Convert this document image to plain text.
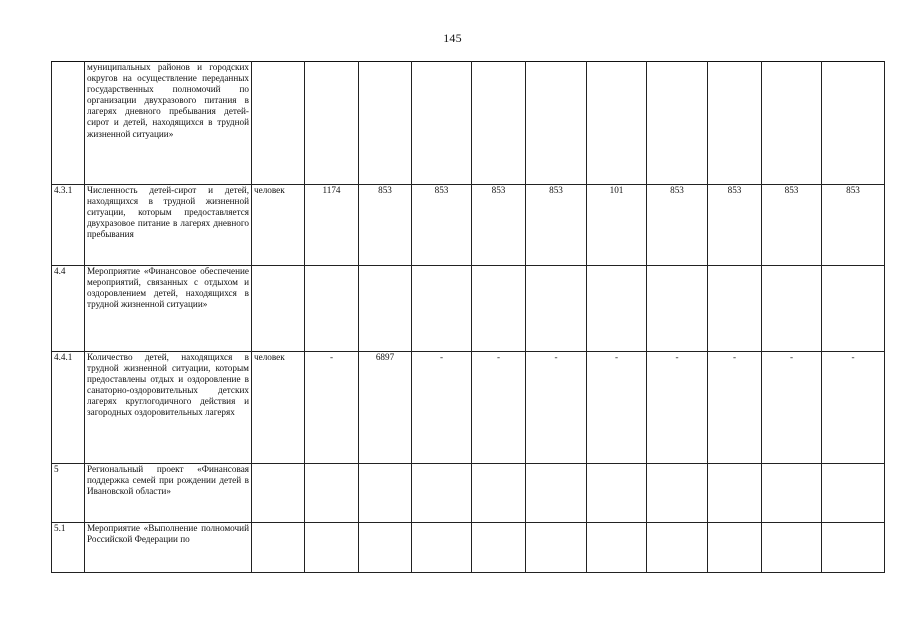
145
	муниципальных районов и городских округов на осуществление переданных государственных полномочий по организации двухразового питания в лагерях дневного пребывания детей-сирот и детей, находящихся в трудной жизненной ситуации»											
4.3.1	Численность детей-сирот и детей, находящихся в трудной жизненной ситуации, которым предоставляется двухразовое питание в лагерях дневного пребывания	человек	1174	853	853	853	853	101	853	853	853	853
4.4	Мероприятие «Финансовое обеспечение мероприятий, связанных с отдыхом и оздоровлением детей, находящихся в трудной жизненной ситуации»											
4.4.1	Количество детей, находящихся в трудной жизненной ситуации, которым предоставлены отдых и оздоровление в санаторно-оздоровительных детских лагерях круглогодичного действия и загородных оздоровительных лагерях	человек	-	6897	-	-	-	-	-	-	-	-
5	Региональный проект «Финансовая поддержка семей при рождении детей в Ивановской области»											
5.1	Мероприятие «Выполнение полномочий Российской Федерации по											
